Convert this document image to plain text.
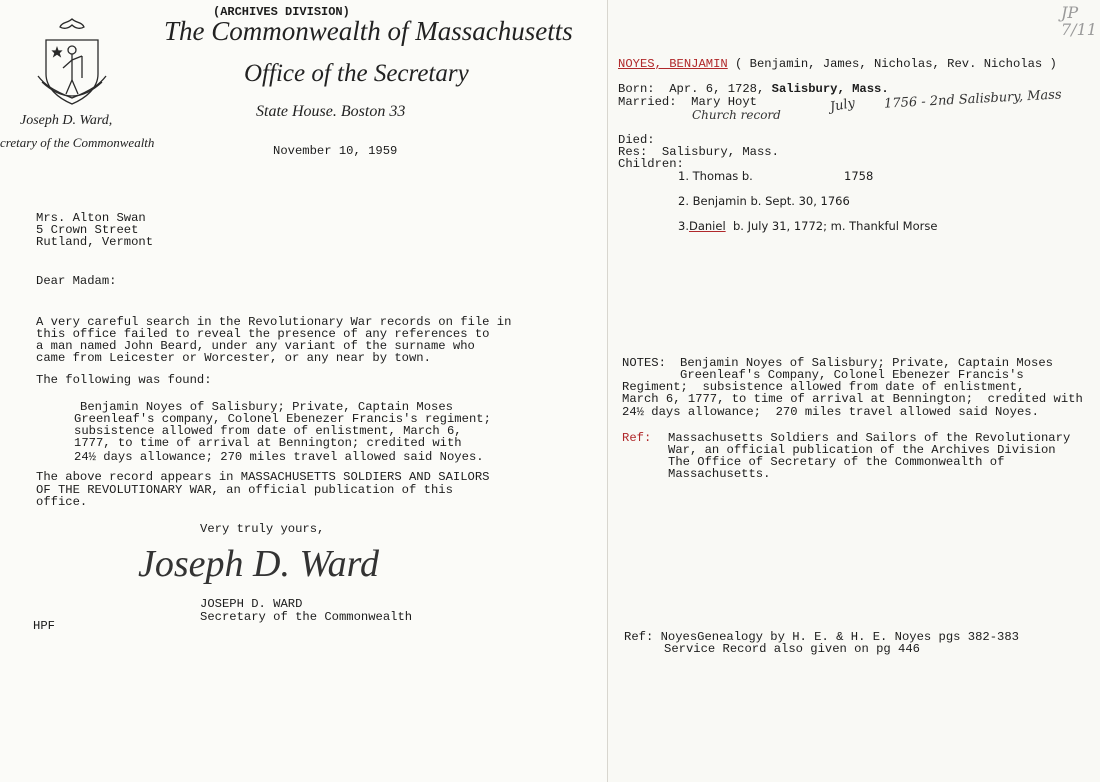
(ARCHIVES DIVISION)
The Commonwealth of Massachusetts
Office of the Secretary
State House. Boston 33
Joseph D. Ward,
cretary of the Commonwealth
November 10, 1959
Mrs. Alton Swan
5 Crown Street
Rutland, Vermont
Dear Madam:
A very careful search in the Revolutionary War records on file in
this office failed to reveal the presence of any references to
a man named John Beard, under any variant of the surname who
came from Leicester or Worcester, or any near by town.
The following was found:
Benjamin Noyes of Salisbury; Private, Captain Moses
Greenleaf's company, Colonel Ebenezer Francis's regiment;
subsistence allowed from date of enlistment, March 6,
1777, to time of arrival at Bennington; credited with
24½ days allowance; 270 miles travel allowed said Noyes.
The above record appears in MASSACHUSETTS SOLDIERS AND SAILORS
OF THE REVOLUTIONARY WAR, an official publication of this
office.
Very truly yours,
Joseph D. Ward
JOSEPH D. WARD
Secretary of the Commonwealth
HPF
JP
7/11
NOYES, BENJAMIN ( Benjamin, James, Nicholas, Rev. Nicholas )
Born: Apr. 6, 1728, Salisbury, Mass.
Married: Mary Hoyt
Church record	July 1756 - 2nd Salisbury, Mass
Died:
Res: Salisbury, Mass.
Children:
1. Thomas b.	1758
2. Benjamin b. Sept. 30, 1766
3.Daniel b. July 31, 1772; m. Thankful Morse
NOTES: Benjamin Noyes of Salisbury; Private, Captain Moses
Greenleaf's Company, Colonel Ebenezer Francis's
Regiment;  subsistence allowed from date of enlistment,
March 6, 1777, to time of arrival at Bennington;  credited with
24½ days allowance;  270 miles travel allowed said Noyes.
Ref: Massachusetts Soldiers and Sailors of the Revolutionary
War, an official publication of the Archives Division
The Office of Secretary of the Commonwealth of
Massachusetts.
Ref: NoyesGenealogy by H. E. & H. E. Noyes pgs 382-383
Service Record also given on pg 446
